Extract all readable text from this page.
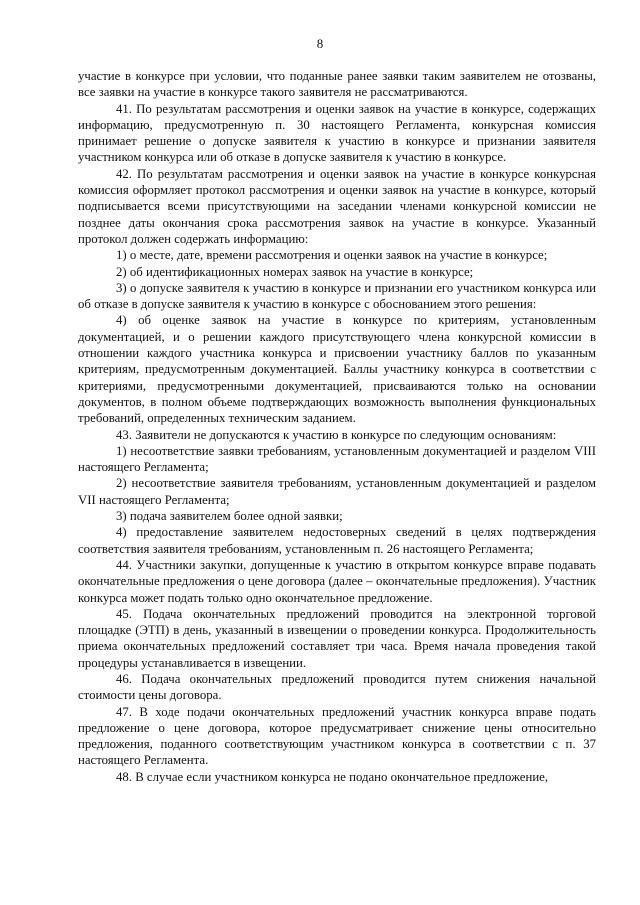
8

участие в конкурсе при условии, что поданные ранее заявки таким заявителем не отозваны, все заявки на участие в конкурсе такого заявителя не рассматриваются.

41. По результатам рассмотрения и оценки заявок на участие в конкурсе, содержащих информацию, предусмотренную п. 30 настоящего Регламента, конкурсная комиссия принимает решение о допуске заявителя к участию в конкурсе и признании заявителя участником конкурса или об отказе в допуске заявителя к участию в конкурсе.

42. По результатам рассмотрения и оценки заявок на участие в конкурсе конкурсная комиссия оформляет протокол рассмотрения и оценки заявок на участие в конкурсе, который подписывается всеми присутствующими на заседании членами конкурсной комиссии не позднее даты окончания срока рассмотрения заявок на участие в конкурсе. Указанный протокол должен содержать информацию:

1) о месте, дате, времени рассмотрения и оценки заявок на участие в конкурсе;

2) об идентификационных номерах заявок на участие в конкурсе;

3) о допуске заявителя к участию в конкурсе и признании его участником конкурса или об отказе в допуске заявителя к участию в конкурсе с обоснованием этого решения:

4) об оценке заявок на участие в конкурсе по критериям, установленным документацией, и о решении каждого присутствующего члена конкурсной комиссии в отношении каждого участника конкурса и присвоении участнику баллов по указанным критериям, предусмотренным документацией. Баллы участнику конкурса в соответствии с критериями, предусмотренными документацией, присваиваются только на основании документов, в полном объеме подтверждающих возможность выполнения функциональных требований, определенных техническим заданием.

43. Заявители не допускаются к участию в конкурсе по следующим основаниям:

1) несоответствие заявки требованиям, установленным документацией и разделом VIII настоящего Регламента;

2) несоответствие заявителя требованиям, установленным документацией и разделом VII настоящего Регламента;

3) подача заявителем более одной заявки;

4) предоставление заявителем недостоверных сведений в целях подтверждения соответствия заявителя требованиям, установленным п. 26 настоящего Регламента;

44. Участники закупки, допущенные к участию в открытом конкурсе вправе подавать окончательные предложения о цене договора (далее – окончательные предложения). Участник конкурса может подать только одно окончательное предложение.

45. Подача окончательных предложений проводится на электронной торговой площадке (ЭТП) в день, указанный в извещении о проведении конкурса. Продолжительность приема окончательных предложений составляет три часа. Время начала проведения такой процедуры устанавливается в извещении.

46. Подача окончательных предложений проводится путем снижения начальной стоимости цены договора.

47. В ходе подачи окончательных предложений участник конкурса вправе подать предложение о цене договора, которое предусматривает снижение цены относительно предложения, поданного соответствующим участником конкурса в соответствии с п. 37 настоящего Регламента.

48. В случае если участником конкурса не подано окончательное предложение,
